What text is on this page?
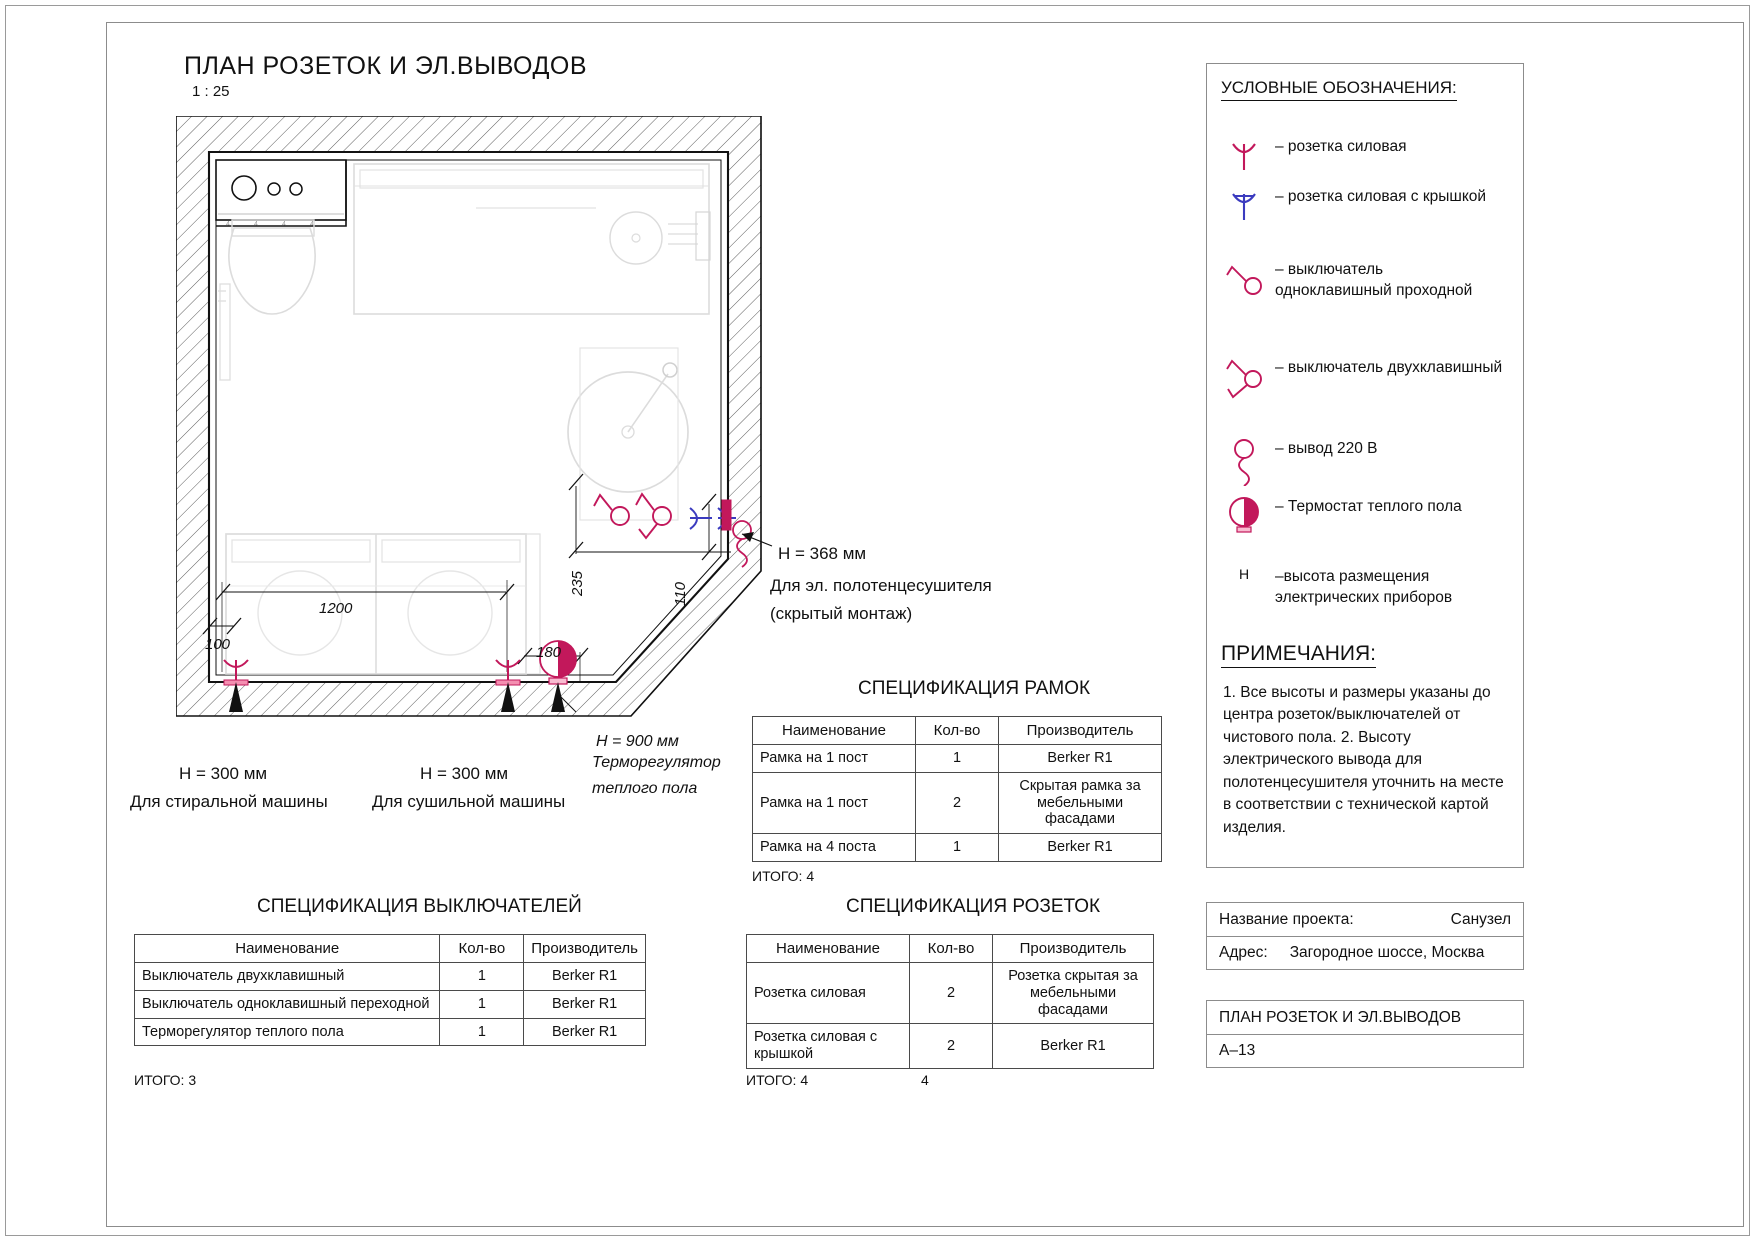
ПЛАН РОЗЕТОК И ЭЛ.ВЫВОДОВ
1 : 25
4	4	4	4
1200
100	180
235	110
H = 368 мм
Для эл. полотенцесушителя
(скрытый монтаж)
H = 900 мм
Терморегулятор
теплого пола
H = 300 мм
Для стиральной машины
H = 300 мм
Для сушильной машины
СПЕЦИФИКАЦИЯ РАМОК
Наименование	Кол-во	Производитель
Рамка на 1 пост	1	Berker R1
Рамка на 1 пост	2	Скрытая рамка за мебельными фасадами
Рамка на 4 поста	1	Berker R1
ИТОГО: 4
СПЕЦИФИКАЦИЯ ВЫКЛЮЧАТЕЛЕЙ
Наименование	Кол-во	Производитель
Выключатель двухклавишный	1	Berker R1
Выключатель одноклавишный переходной	1	Berker R1
Терморегулятор теплого пола	1	Berker R1
ИТОГО: 3
СПЕЦИФИКАЦИЯ РОЗЕТОК
Наименование	Кол-во	Производитель
Розетка силовая	2	Розетка скрытая за мебельными фасадами
Розетка силовая с крышкой	2	Berker R1
ИТОГО: 4	4
УСЛОВНЫЕ ОБОЗНАЧЕНИЯ:
– розетка силовая
– розетка силовая с крышкой
– выключатель одноклавишный проходной
– выключатель двухклавишный
– вывод 220 В
– Термостат теплого пола
H –высота размещения электрических приборов
ПРИМЕЧАНИЯ:
1. Все высоты и размеры указаны до центра розеток/выключателей от чистового пола. 2. Высоту электрического вывода для полотенцесушителя уточнить на месте в соответствии с технической картой изделия.
Название проекта:	Санузел
Адрес: Загородное шоссе, Москва
ПЛАН РОЗЕТОК И ЭЛ.ВЫВОДОВ
А–13
